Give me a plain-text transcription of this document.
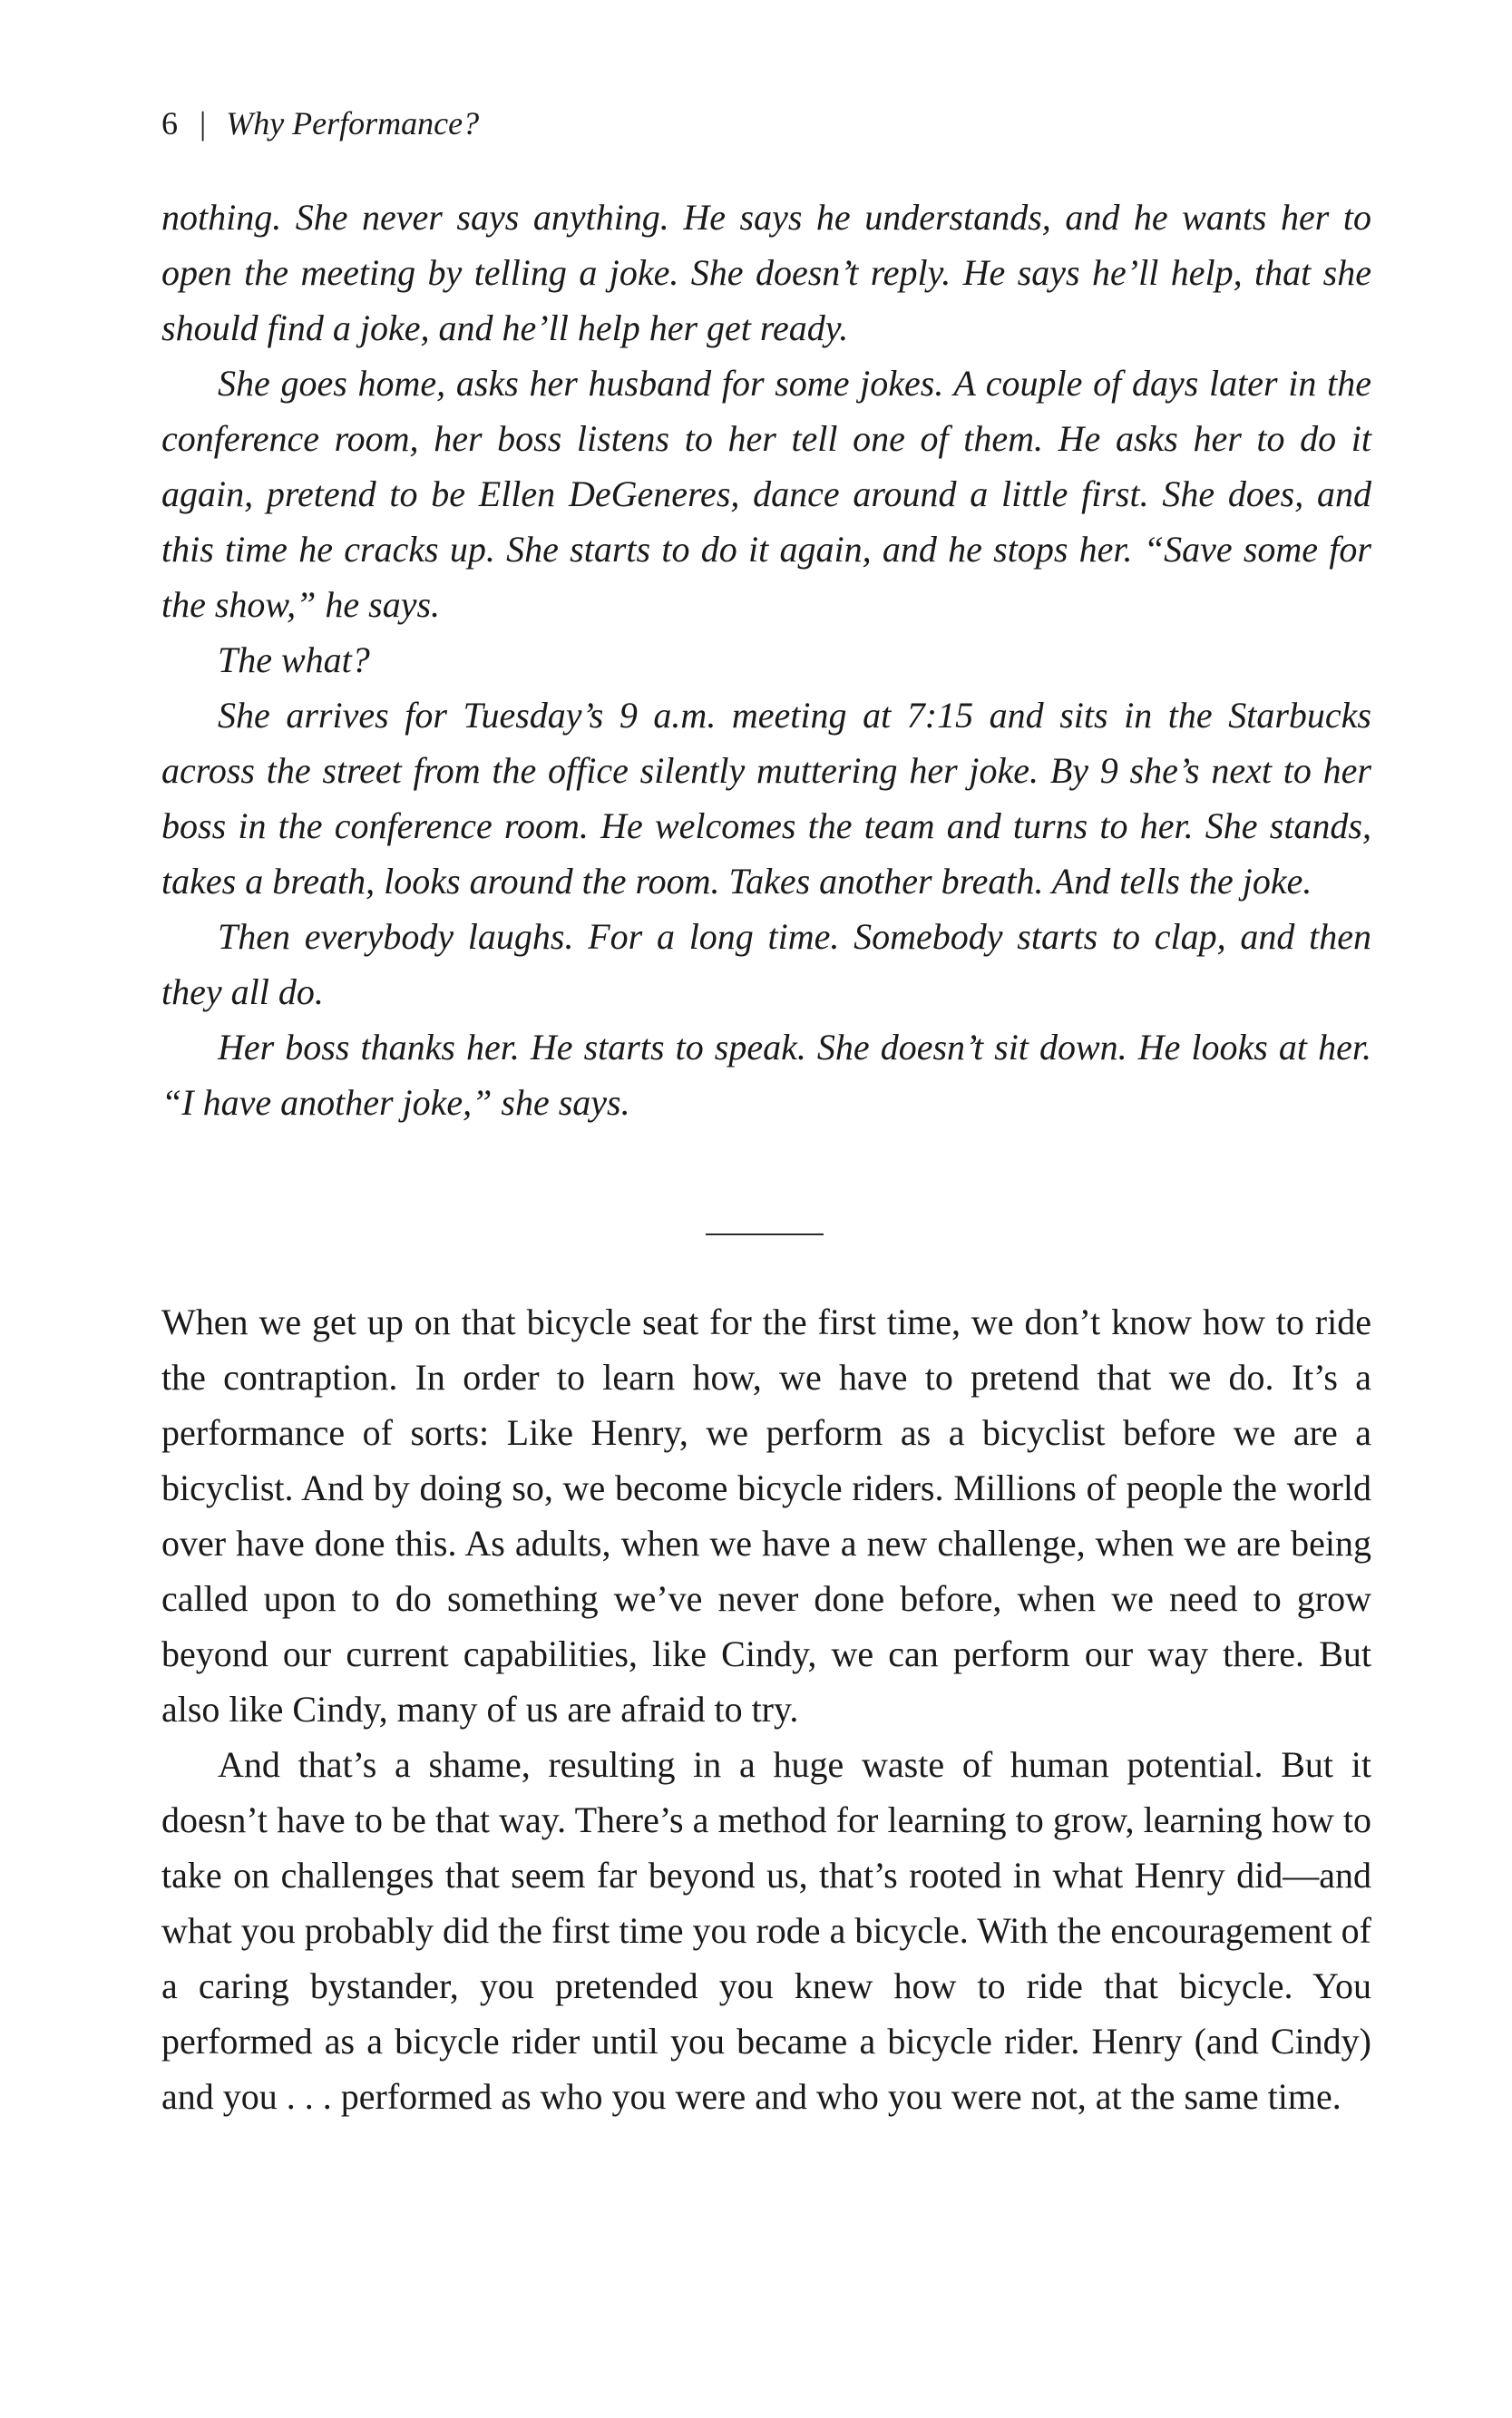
6 | Why Performance?

nothing. She never says anything. He says he understands, and he wants her to open the meeting by telling a joke. She doesn’t reply. He says he’ll help, that she should find a joke, and he’ll help her get ready.

She goes home, asks her husband for some jokes. A couple of days later in the conference room, her boss listens to her tell one of them. He asks her to do it again, pretend to be Ellen DeGeneres, dance around a little first. She does, and this time he cracks up. She starts to do it again, and he stops her. “Save some for the show,” he says.

The what?

She arrives for Tuesday’s 9 a.m. meeting at 7:15 and sits in the Starbucks across the street from the office silently muttering her joke. By 9 she’s next to her boss in the conference room. He welcomes the team and turns to her. She stands, takes a breath, looks around the room. Takes another breath. And tells the joke.

Then everybody laughs. For a long time. Somebody starts to clap, and then they all do.

Her boss thanks her. He starts to speak. She doesn’t sit down. He looks at her. “I have another joke,” she says.

When we get up on that bicycle seat for the first time, we don’t know how to ride the contraption. In order to learn how, we have to pretend that we do. It’s a performance of sorts: Like Henry, we perform as a bicyclist before we are a bicyclist. And by doing so, we become bicycle riders. Millions of people the world over have done this. As adults, when we have a new challenge, when we are being called upon to do something we’ve never done before, when we need to grow beyond our current capabilities, like Cindy, we can perform our way there. But also like Cindy, many of us are afraid to try.

And that’s a shame, resulting in a huge waste of human potential. But it doesn’t have to be that way. There’s a method for learning to grow, learning how to take on challenges that seem far beyond us, that’s rooted in what Henry did—and what you probably did the first time you rode a bicycle. With the encouragement of a caring bystander, you pretended you knew how to ride that bicycle. You performed as a bicycle rider until you became a bicycle rider. Henry (and Cindy) and you . . . performed as who you were and who you were not, at the same time.
